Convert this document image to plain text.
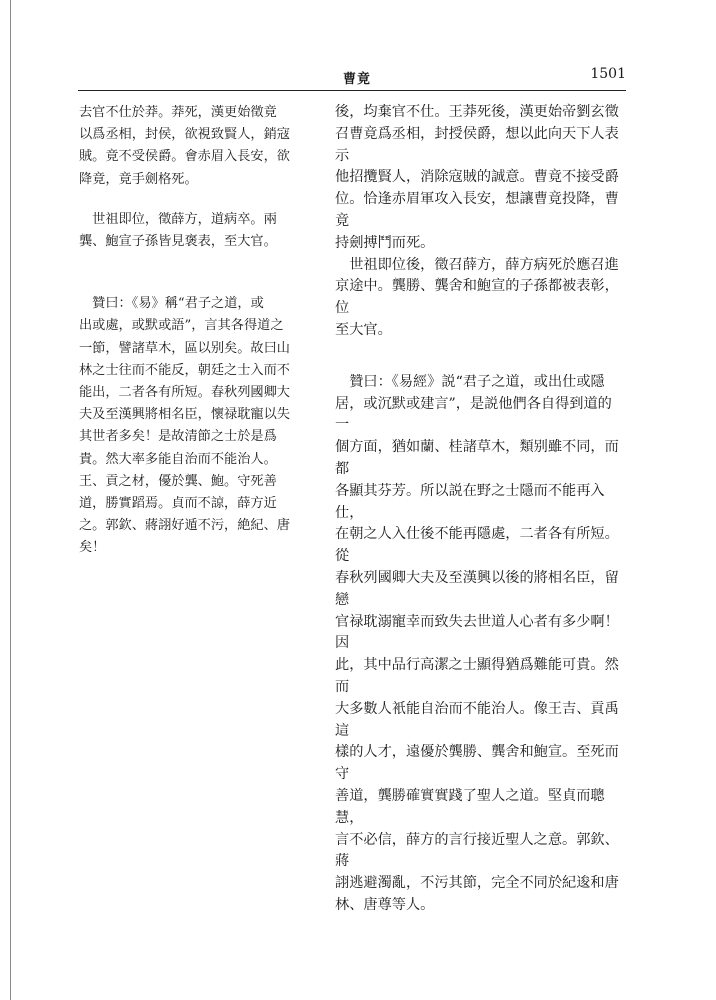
曹竟	1501

去官不仕於莽。莽死，漢更始徵竟
以爲丞相，封侯，欲視致賢人，銷寇
賊。竟不受侯爵。會赤眉入長安，欲
降竟，竟手劍格死。

　世祖即位，徵薛方，道病卒。兩
龔、鮑宣子孫皆見褒表，至大官。

　贊曰：《易》稱“君子之道，或
出或處，或默或語”，言其各得道之
一節，譬諸草木，區以别矣。故曰山
林之士往而不能反，朝廷之士入而不
能出，二者各有所短。春秋列國卿大
夫及至漢興將相名臣，懷禄耽寵以失
其世者多矣！是故清節之士於是爲
貴。然大率多能自治而不能治人。
王、貢之材，優於龔、鮑。守死善
道，勝實蹈焉。貞而不諒，薛方近
之。郭欽、蔣詡好遁不污，絶紀、唐
矣！

後，均棄官不仕。王莽死後，漢更始帝劉玄徵
召曹竟爲丞相，封授侯爵，想以此向天下人表示
他招攬賢人，消除寇賊的誠意。曹竟不接受爵
位。恰逢赤眉軍攻入長安，想讓曹竟投降，曹竟
持劍搏鬥而死。

　世祖即位後，徵召薛方，薛方病死於應召進
京途中。龔勝、龔舍和鮑宣的子孫都被表彰，位
至大官。

　贊曰：《易經》説“君子之道，或出仕或隱
居，或沉默或建言”，是説他們各自得到道的一
個方面，猶如蘭、桂諸草木，類别雖不同，而都
各顯其芬芳。所以説在野之士隱而不能再入仕，
在朝之人入仕後不能再隱處，二者各有所短。從
春秋列國卿大夫及至漢興以後的將相名臣，留戀
官禄耽溺寵幸而致失去世道人心者有多少啊！因
此，其中品行高潔之士顯得猶爲難能可貴。然而
大多數人衹能自治而不能治人。像王吉、貢禹這
樣的人才，遠優於龔勝、龔舍和鮑宣。至死而守
善道，龔勝確實實踐了聖人之道。堅貞而聰慧，
言不必信，薛方的言行接近聖人之意。郭欽、蔣
詡逃避濁亂，不污其節，完全不同於紀逡和唐
林、唐尊等人。
